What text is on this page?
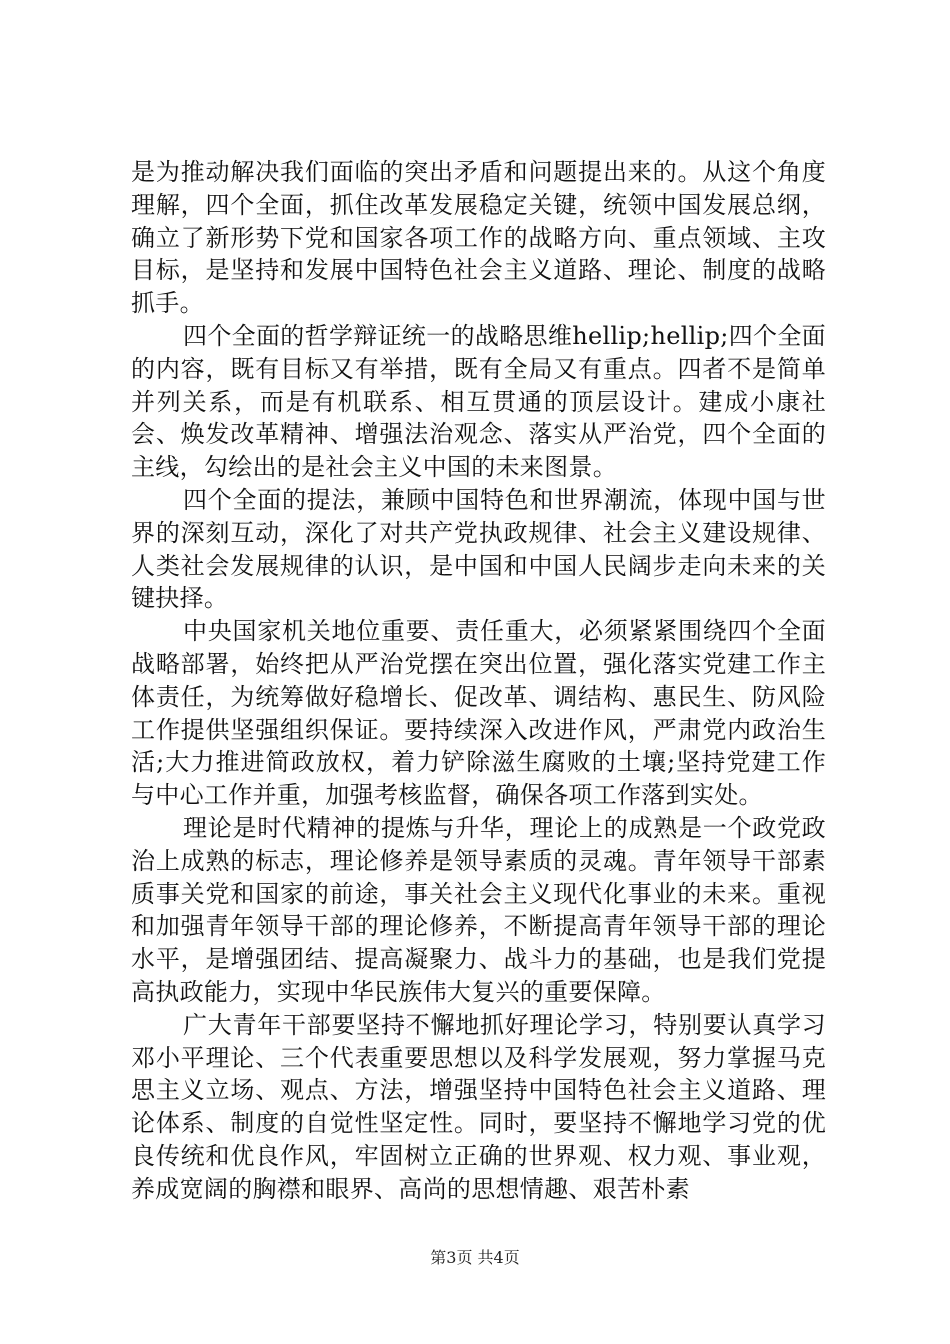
是为推动解决我们面临的突出矛盾和问题提出来的。从这个角度理解，四个全面，抓住改革发展稳定关键，统领中国发展总纲，确立了新形势下党和国家各项工作的战略方向、重点领域、主攻目标，是坚持和发展中国特色社会主义道路、理论、制度的战略抓手。

四个全面的哲学辩证统一的战略思维hellip;hellip;四个全面的内容，既有目标又有举措，既有全局又有重点。四者不是简单并列关系，而是有机联系、相互贯通的顶层设计。建成小康社会、焕发改革精神、增强法治观念、落实从严治党，四个全面的主线，勾绘出的是社会主义中国的未来图景。

四个全面的提法，兼顾中国特色和世界潮流，体现中国与世界的深刻互动，深化了对共产党执政规律、社会主义建设规律、人类社会发展规律的认识，是中国和中国人民阔步走向未来的关键抉择。

中央国家机关地位重要、责任重大，必须紧紧围绕四个全面战略部署，始终把从严治党摆在突出位置，强化落实党建工作主体责任，为统筹做好稳增长、促改革、调结构、惠民生、防风险工作提供坚强组织保证。要持续深入改进作风，严肃党内政治生活;大力推进简政放权，着力铲除滋生腐败的土壤;坚持党建工作与中心工作并重，加强考核监督，确保各项工作落到实处。

理论是时代精神的提炼与升华，理论上的成熟是一个政党政治上成熟的标志，理论修养是领导素质的灵魂。青年领导干部素质事关党和国家的前途，事关社会主义现代化事业的未来。重视和加强青年领导干部的理论修养，不断提高青年领导干部的理论水平，是增强团结、提高凝聚力、战斗力的基础，也是我们党提高执政能力，实现中华民族伟大复兴的重要保障。

广大青年干部要坚持不懈地抓好理论学习，特别要认真学习邓小平理论、三个代表重要思想以及科学发展观，努力掌握马克思主义立场、观点、方法，增强坚持中国特色社会主义道路、理论体系、制度的自觉性坚定性。同时，要坚持不懈地学习党的优良传统和优良作风，牢固树立正确的世界观、权力观、事业观，养成宽阔的胸襟和眼界、高尚的思想情趣、艰苦朴素

第3页 共4页
